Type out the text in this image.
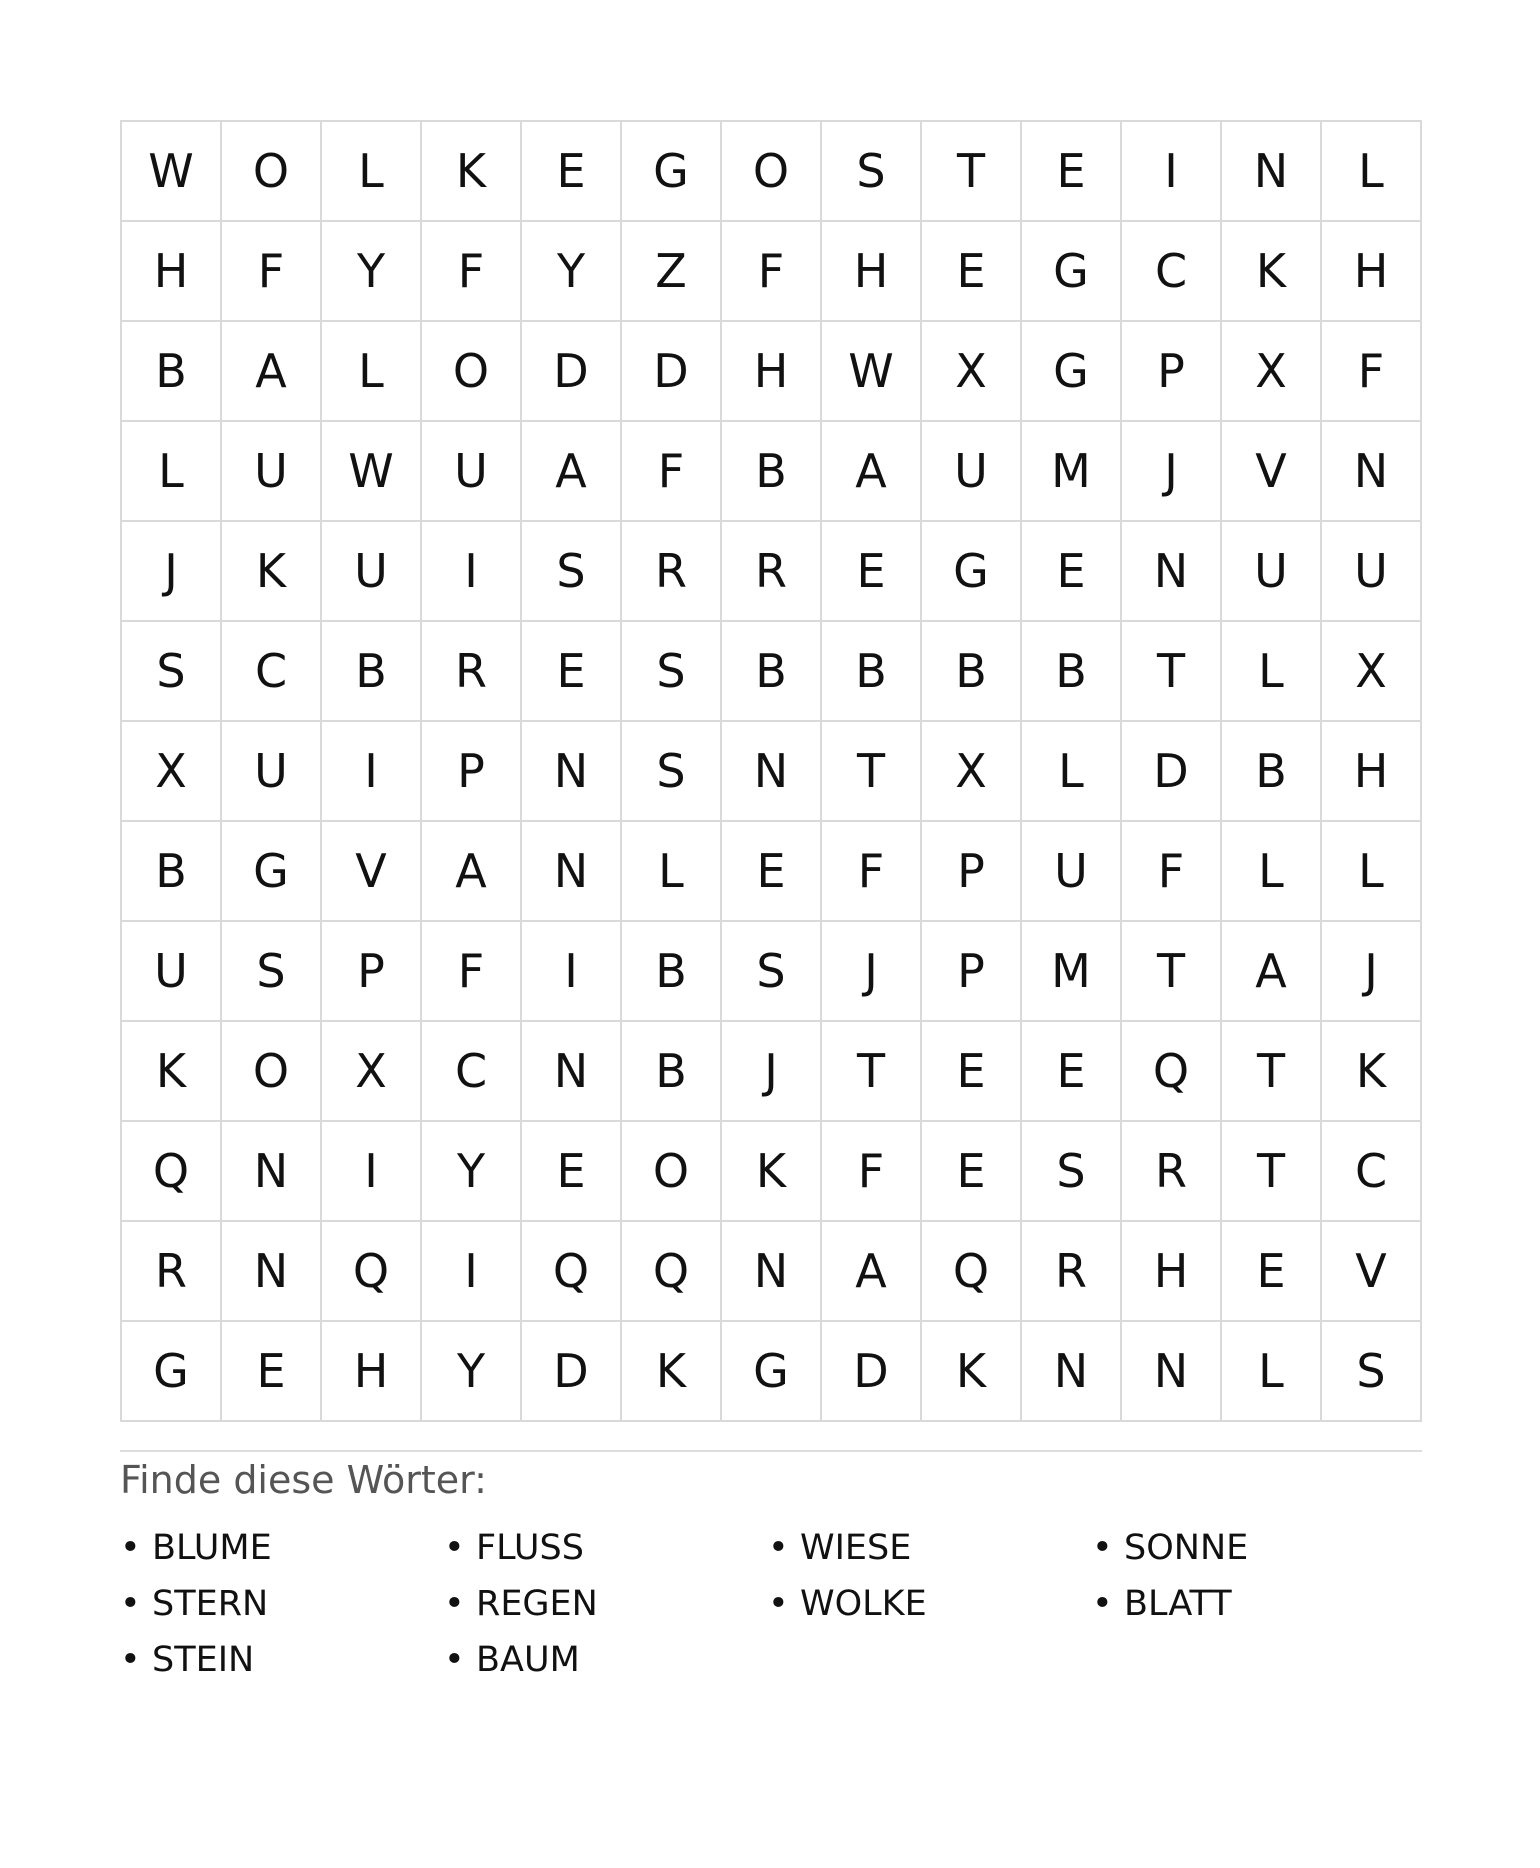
W	O	L	K	E	G	O	S	T	E	I	N	L
H	F	Y	F	Y	Z	F	H	E	G	C	K	H
B	A	L	O	D	D	H	W	X	G	P	X	F
L	U	W	U	A	F	B	A	U	M	J	V	N
J	K	U	I	S	R	R	E	G	E	N	U	U
S	C	B	R	E	S	B	B	B	B	T	L	X
X	U	I	P	N	S	N	T	X	L	D	B	H
B	G	V	A	N	L	E	F	P	U	F	L	L
U	S	P	F	I	B	S	J	P	M	T	A	J
K	O	X	C	N	B	J	T	E	E	Q	T	K
Q	N	I	Y	E	O	K	F	E	S	R	T	C
R	N	Q	I	Q	Q	N	A	Q	R	H	E	V
G	E	H	Y	D	K	G	D	K	N	N	L	S
Finde diese Wörter:
• BLUME	• FLUSS	• WIESE	• SONNE
• STERN	• REGEN	• WOLKE	• BLATT
• STEIN	• BAUM
